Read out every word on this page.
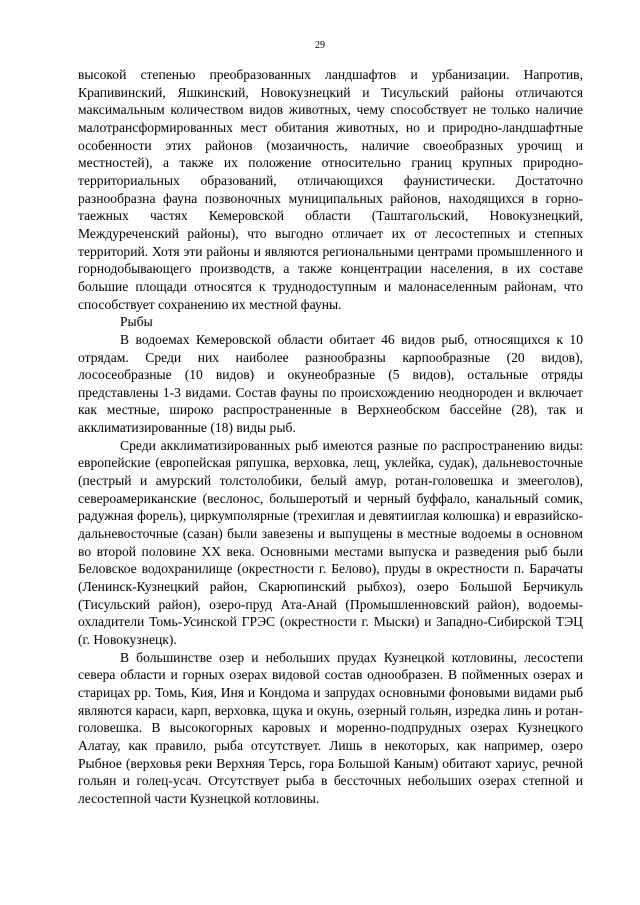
29

высокой степенью преобразованных ландшафтов и урбанизации. Напротив, Крапивинский, Яшкинский, Новокузнецкий и Тисульский районы отличаются максимальным количеством видов животных, чему способствует не только наличие малотрансформированных мест обитания животных, но и природно-ландшафтные особенности этих районов (мозаичность, наличие своеобразных урочищ и местностей), а также их положение относительно границ крупных природно-территориальных образований, отличающихся фаунистически. Достаточно разнообразна фауна позвоночных муниципальных районов, находящихся в горно-таежных частях Кемеровской области (Таштагольский, Новокузнецкий, Междуреченский районы), что выгодно отличает их от лесостепных и степных территорий. Хотя эти районы и являются региональными центрами промышленного и горнодобывающего производств, а также концентрации населения, в их составе большие площади относятся к труднодоступным и малонаселенным районам, что способствует сохранению их местной фауны.

Рыбы

В водоемах Кемеровской области обитает 46 видов рыб, относящихся к 10 отрядам. Среди них наиболее разнообразны карпообразные (20 видов), лососеобразные (10 видов) и окунеобразные (5 видов), остальные отряды представлены 1-3 видами. Состав фауны по происхождению неоднороден и включает как местные, широко распространенные в Верхнеобском бассейне (28), так и акклиматизированные (18) виды рыб.

Среди акклиматизированных рыб имеются разные по распространению виды: европейские (европейская ряпушка, верховка, лещ, уклейка, судак), дальневосточные (пестрый и амурский толстолобики, белый амур, ротан-головешка и змееголов), североамериканские (веслонос, большеротый и черный буффало, канальный сомик, радужная форель), циркумполярные (трехиглая и девятииглая колюшка) и евразийско-дальневосточные (сазан) были завезены и выпущены в местные водоемы в основном во второй половине XX века. Основными местами выпуска и разведения рыб были Беловское водохранилище (окрестности г. Белово), пруды в окрестности п. Барачаты (Ленинск-Кузнецкий район, Скарюпинский рыбхоз), озеро Большой Берчикуль (Тисульский район), озеро-пруд Ата-Анай (Промышленновский район), водоемы-охладители Томь-Усинской ГРЭС (окрестности г. Мыски) и Западно-Сибирской ТЭЦ (г. Новокузнецк).

В большинстве озер и небольших прудах Кузнецкой котловины, лесостепи севера области и горных озерах видовой состав однообразен. В пойменных озерах и старицах рр. Томь, Кия, Иня и Кондома и запрудах основными фоновыми видами рыб являются караси, карп, верховка, щука и окунь, озерный гольян, изредка линь и ротан-головешка. В высокогорных каровых и моренно-подпрудных озерах Кузнецкого Алатау, как правило, рыба отсутствует. Лишь в некоторых, как например, озеро Рыбное (верховья реки Верхняя Терсь, гора Большой Каным) обитают хариус, речной гольян и голец-усач. Отсутствует рыба в бессточных небольших озерах степной и лесостепной части Кузнецкой котловины.
